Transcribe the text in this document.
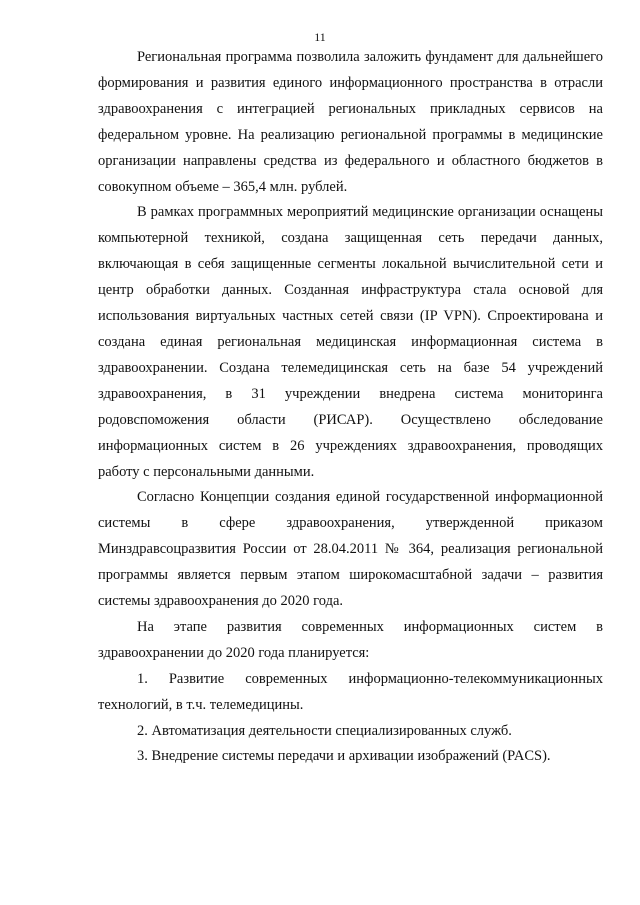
11

Региональная программа позволила заложить фундамент для дальнейшего формирования и развития единого информационного пространства в отрасли здравоохранения с интеграцией региональных прикладных сервисов на федеральном уровне. На реализацию региональной программы в медицинские организации направлены средства из федерального и областного бюджетов в совокупном объеме – 365,4 млн. рублей.

В рамках программных мероприятий медицинские организации оснащены компьютерной техникой, создана защищенная сеть передачи данных, включающая в себя защищенные сегменты локальной вычислительной сети и центр обработки данных. Созданная инфраструктура стала основой для использования виртуальных частных сетей связи (IP VPN). Спроектирована и создана единая региональная медицинская информационная система в здравоохранении. Создана телемедицинская сеть на базе 54 учреждений здравоохранения, в 31 учреждении внедрена система мониторинга родовспоможения области (РИСАР). Осуществлено обследование информационных систем в 26 учреждениях здравоохранения, проводящих работу с персональными данными.

Согласно Концепции создания единой государственной информационной системы в сфере здравоохранения, утвержденной приказом Минздравсоцразвития России от 28.04.2011 № 364, реализация региональной программы является первым этапом широкомасштабной задачи – развития системы здравоохранения до 2020 года.

На этапе развития современных информационных систем в здравоохранении до 2020 года планируется:

1. Развитие современных информационно-телекоммуникационных технологий, в т.ч. телемедицины.
2. Автоматизация деятельности специализированных служб.
3. Внедрение системы передачи и архивации изображений (PACS).
